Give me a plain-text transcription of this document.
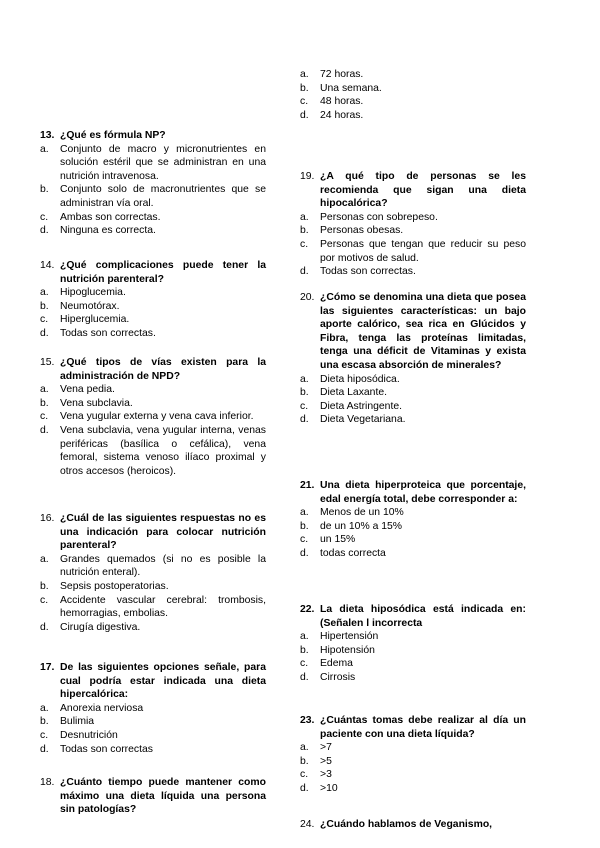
13. ¿Qué es fórmula NP?
a.	Conjunto de macro y micronutrientes en solución estéril que se administran en una nutrición intravenosa.
b.	Conjunto solo de macronutrientes que se administran vía oral.
c.	Ambas son correctas.
d.	Ninguna es correcta.
14. ¿Qué complicaciones puede tener la nutrición parenteral?
a.	Hipoglucemia.
b.	Neumotórax.
c.	Hiperglucemia.
d.	Todas son correctas.
15. ¿Qué tipos de vías existen para la administración de NPD?
a.	Vena pedia.
b.	Vena subclavia.
c.	Vena yugular externa y vena cava inferior.
d.	Vena subclavia, vena yugular interna, venas periféricas (basílica o cefálica), vena femoral, sistema venoso ilíaco proximal y otros accesos (heroicos).
16. ¿Cuál de las siguientes respuestas no es una indicación para colocar nutrición parenteral?
a.	Grandes quemados (si no es posible la nutrición enteral).
b.	Sepsis postoperatorias.
c.	Accidente vascular cerebral: trombosis, hemorragias, embolias.
d.	Cirugía digestiva.
17. De las siguientes opciones señale, para cual podría estar indicada una dieta hipercalórica:
a.	Anorexia nerviosa
b.	Bulimia
c.	Desnutrición
d.	Todas son correctas
18. ¿Cuánto tiempo puede mantener como máximo una dieta líquida una persona sin patologías?
a.	72 horas.
b.	Una semana.
c.	48 horas.
d.	24 horas.
19. ¿A qué tipo de personas se les recomienda que sigan una dieta hipocalórica?
a.	Personas con sobrepeso.
b.	Personas obesas.
c.	Personas que tengan que reducir su peso por motivos de salud.
d.	Todas son correctas.
20. ¿Cómo se denomina una dieta que posea las siguientes características: un bajo aporte calórico, sea rica en Glúcidos y Fibra, tenga las proteínas limitadas, tenga una déficit de Vitaminas y exista una escasa absorción de minerales?
a.	Dieta hiposódica.
b.	Dieta Laxante.
c.	Dieta Astringente.
d.	Dieta Vegetariana.
21. Una dieta hiperproteica que porcentaje, edal energía total, debe corresponder a:
a.	Menos de un 10%
b.	de un 10% a 15%
c.	un 15%
d.	todas correcta
22. La dieta hiposódica está indicada en: (Señalen l incorrecta
a.	Hipertensión
b.	Hipotensión
c.	Edema
d.	Cirrosis
23. ¿Cuántas tomas debe realizar al día un paciente con una dieta líquida?
a.	>7
b.	>5
c.	>3
d.	>10
24. ¿Cuándo hablamos de Veganismo,
